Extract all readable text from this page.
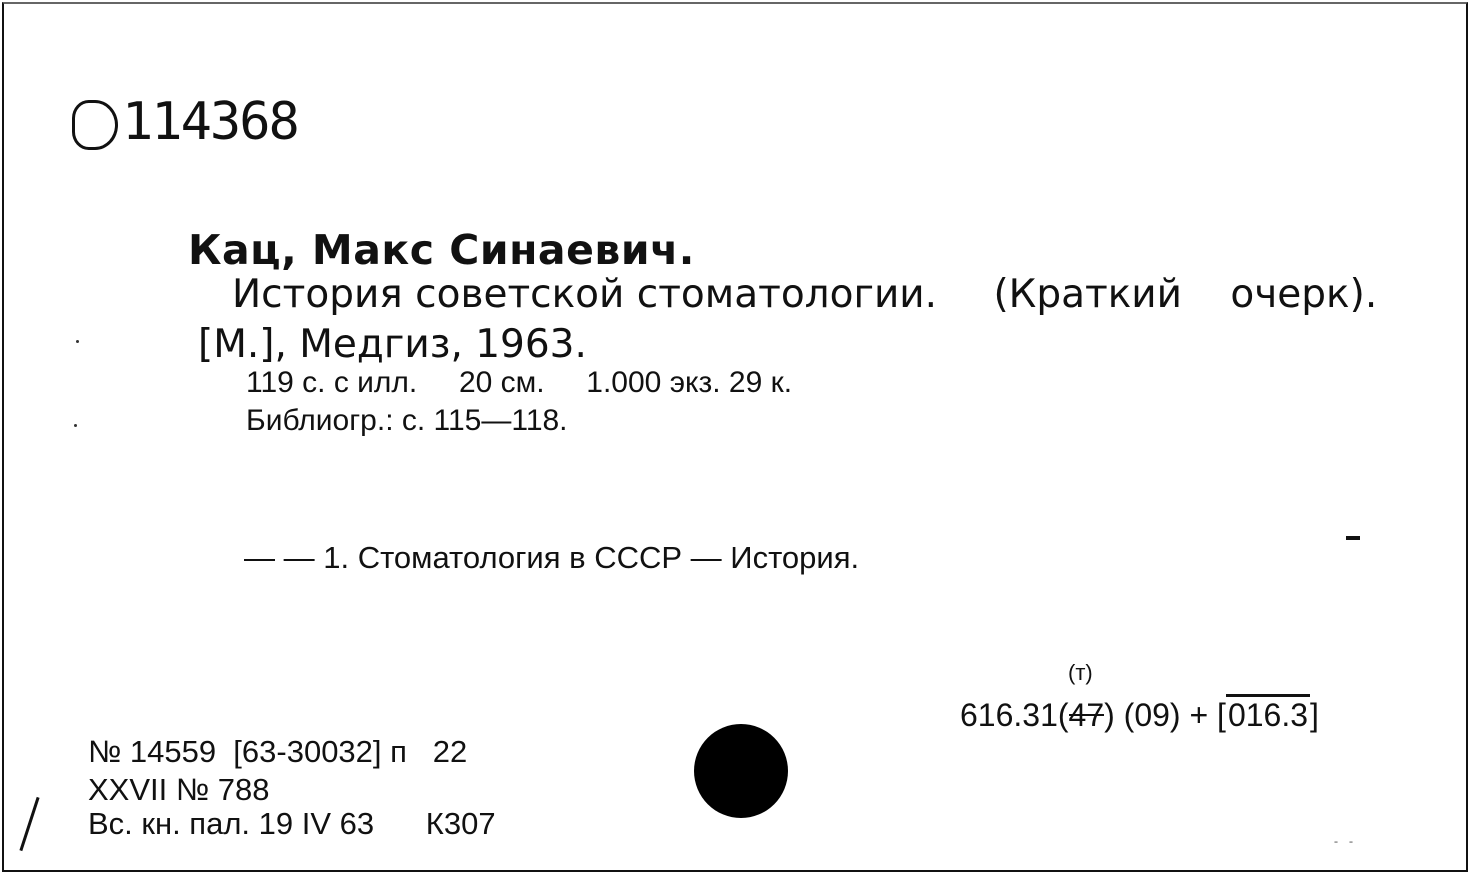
114368
Кац, Макс Синаевич.
История советской стоматологии. (Краткий очерк).
[М.], Медгиз, 1963.
119 с. с илл.     20 см.     1.000 экз. 29 к.
Библиогр.: с. 115—118.
— — 1. Стоматология в СССР — История.
(т)
616.31(47) (09) + [016.3]
№ 14559  [63-30032] п   22
XXVII № 788
Вс. кн. пал. 19 IV 63      К307	- -
